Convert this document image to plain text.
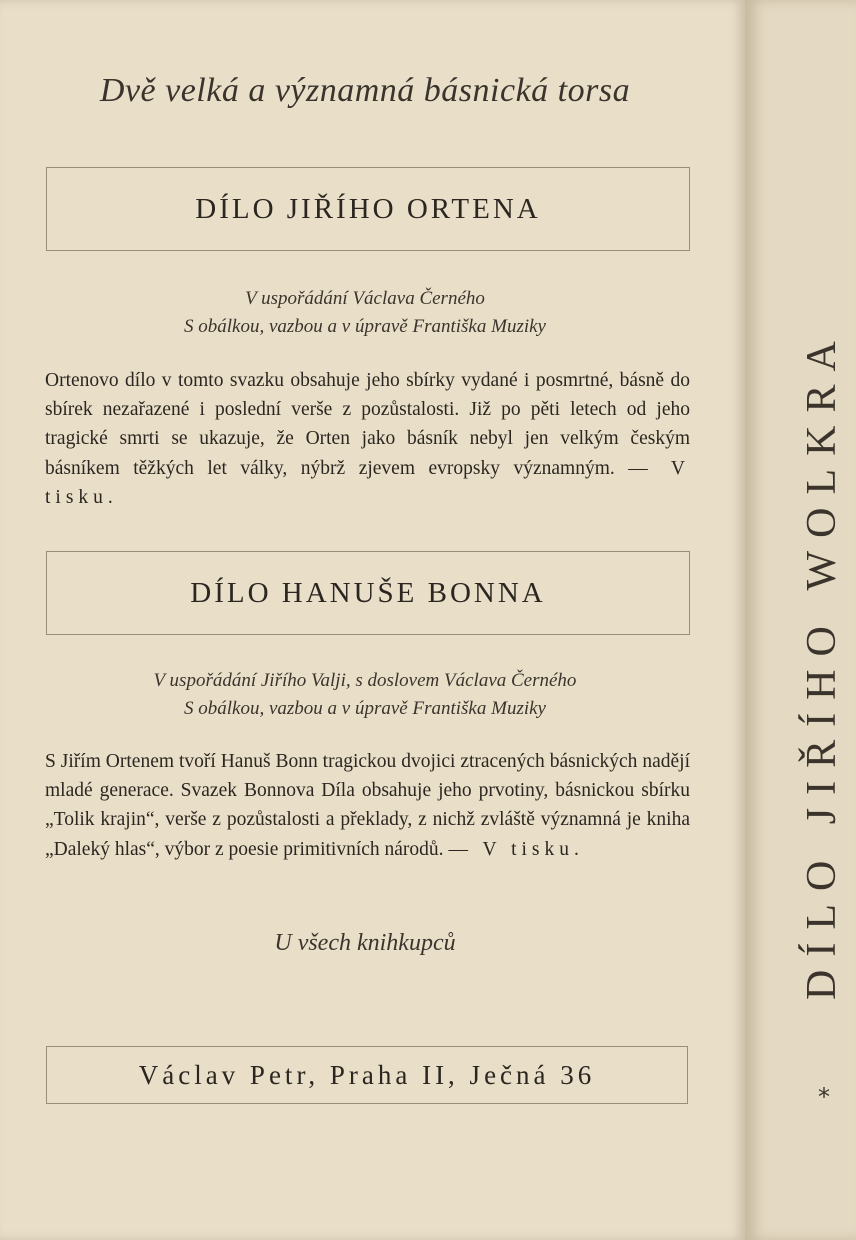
Dvě velká a významná básnická torsa
DÍLO JIŘÍHO ORTENA
V uspořádání Václava Černého
S obálkou, vazbou a v úpravě Františka Muziky

Ortenovo dílo v tomto svazku obsahuje jeho sbírky vydané i posmrtné, básně do sbírek nezařazené i poslední verše z pozůstalosti. Již po pěti letech od jeho tragické smrti se ukazuje, že Orten jako básník nebyl jen velkým českým básníkem těžkých let války, nýbrž zjevem evropsky významným. — V tisku.

DÍLO HANUŠE BONNA
V uspořádání Jiřího Valji, s doslovem Václava Černého
S obálkou, vazbou a v úpravě Františka Muziky

S Jiřím Ortenem tvoří Hanuš Bonn tragickou dvojici ztracených básnických nadějí mladé generace. Svazek Bonnova Díla obsahuje jeho prvotiny, básnickou sbírku „Tolik krajin“, verše z pozůstalosti a překlady, z nichž zvláště významná je kniha „Daleký hlas“, výbor z poesie primitivních národů. — V tisku.

U všech knihkupců
Václav Petr, Praha II, Ječná 36
DÍLO JIŘÍHO WOLKRA
*
